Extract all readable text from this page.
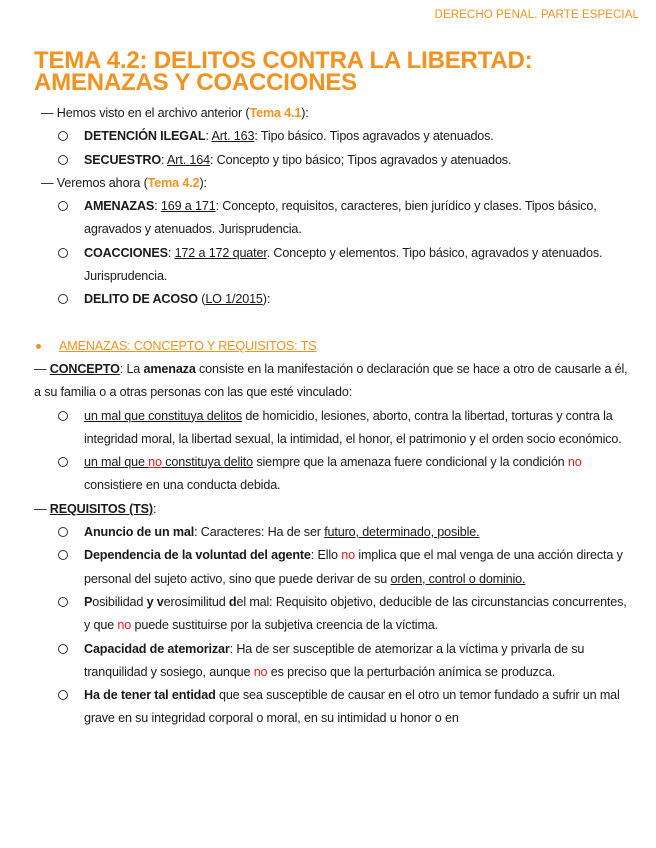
DERECHO PENAL. PARTE ESPECIAL
TEMA 4.2: DELITOS CONTRA LA LIBERTAD: AMENAZAS Y COACCIONES

— Hemos visto en el archivo anterior (Tema 4.1):

DETENCIÓN ILEGAL: Art. 163: Tipo básico. Tipos agravados y atenuados.

SECUESTRO: Art. 164: Concepto y tipo básico; Tipos agravados y atenuados.

— Veremos ahora (Tema 4.2):

AMENAZAS: 169 a 171: Concepto, requisitos, caracteres, bien jurídico y clases. Tipos básico, agravados y atenuados. Jurisprudencia.

COACCIONES: 172 a 172 quater. Concepto y elementos. Tipo básico, agravados y atenuados. Jurisprudencia.

DELITO DE ACOSO (LO 1/2015):

AMENAZAS: CONCEPTO Y REQUISITOS: TS

— CONCEPTO: La amenaza consiste en la manifestación o declaración que se hace a otro de causarle a él, a su familia o a otras personas con las que esté vinculado:

un mal que constituya delitos de homicidio, lesiones, aborto, contra la libertad, torturas y contra la integridad moral, la libertad sexual, la intimidad, el honor, el patrimonio y el orden socio económico.

un mal que no constituya delito siempre que la amenaza fuere condicional y la condición no consistiere en una conducta debida.

— REQUISITOS (TS):

Anuncio de un mal: Caracteres: Ha de ser futuro, determinado, posible.

Dependencia de la voluntad del agente: Ello no implica que el mal venga de una acción directa y personal del sujeto activo, sino que puede derivar de su orden, control o dominio.

Posibilidad y verosimilitud del mal: Requisito objetivo, deducible de las circunstancias concurrentes, y que no puede sustituirse por la subjetiva creencia de la víctima.

Capacidad de atemorizar: Ha de ser susceptible de atemorizar a la víctima y privarla de su tranquilidad y sosiego, aunque no es preciso que la perturbación anímica se produzca.

Ha de tener tal entidad que sea susceptible de causar en el otro un temor fundado a sufrir un mal grave en su integridad corporal o moral, en su intimidad u honor o en
